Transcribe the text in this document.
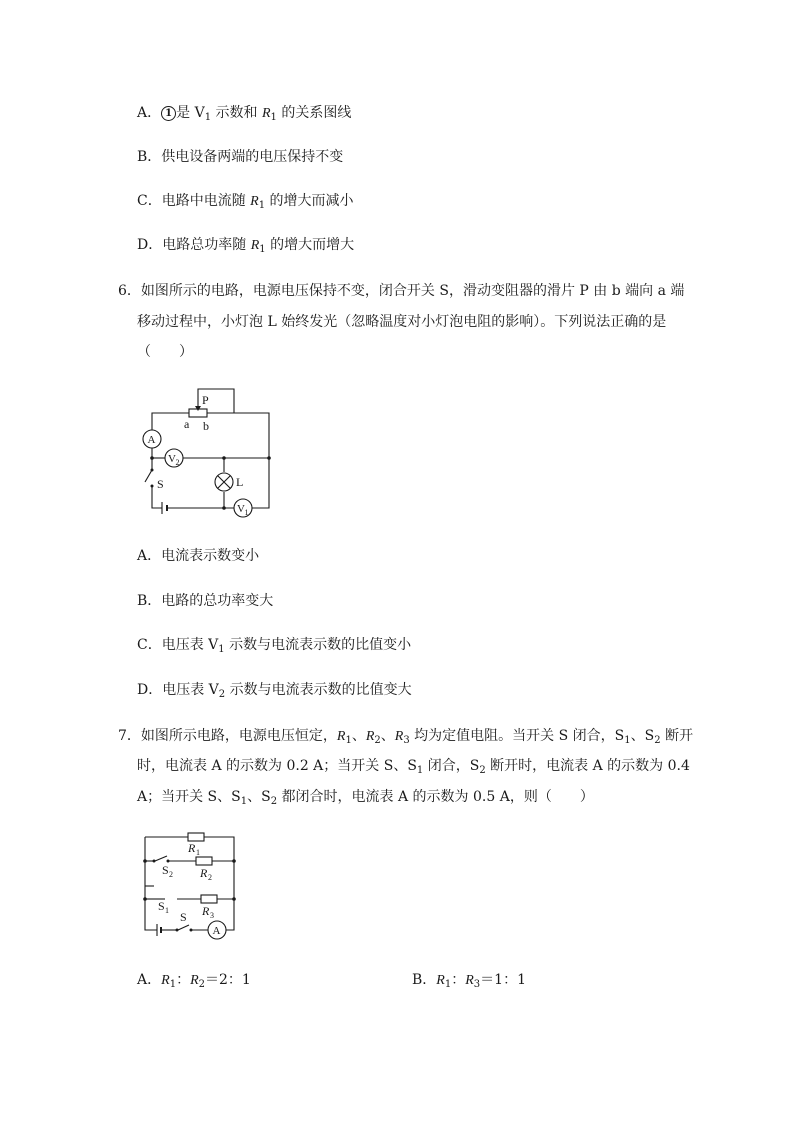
A． 1 是 $V_1$ 示数和 $R_1$ 的关系图线
B．供电设备两端的电压保持不变
C．电路中电流随 $R_1$ 的增大而减小
D．电路总功率随 $R_1$ 的增大而增大
6．如图所示的电路，电源电压保持不变，闭合开关 S，滑动变阻器的滑片 P 由 b 端向 a 端
移动过程中，小灯泡 L 始终发光（忽略温度对小灯泡电阻的影响）。下列说法正确的是
（　　）
P
a b
A
V 2
L
S
V 1
A．电流表示数变小
B．电路的总功率变大
C．电压表 $V_1$ 示数与电流表示数的比值变小
D．电压表 $V_2$ 示数与电流表示数的比值变大
7．如图所示电路，电源电压恒定，$R_1$、$R_2$、$R_3$ 均为定值电阻。当开关 S 闭合，$S_1$、$S_2$ 断开
时，电流表 A 的示数为 0.2 A；当开关 S、$S_1$ 闭合，$S_2$ 断开时，电流表 A 的示数为 0.4
A；当开关 S、$S_1$、$S_2$ 都闭合时，电流表 A 的示数为 0.5 A，则（　　）
R 1
S 2 R 2
S 1	R 3
S
A
A．$R_1$：$R_2=2$：1	B．$R_1$：$R_3=1$：1
